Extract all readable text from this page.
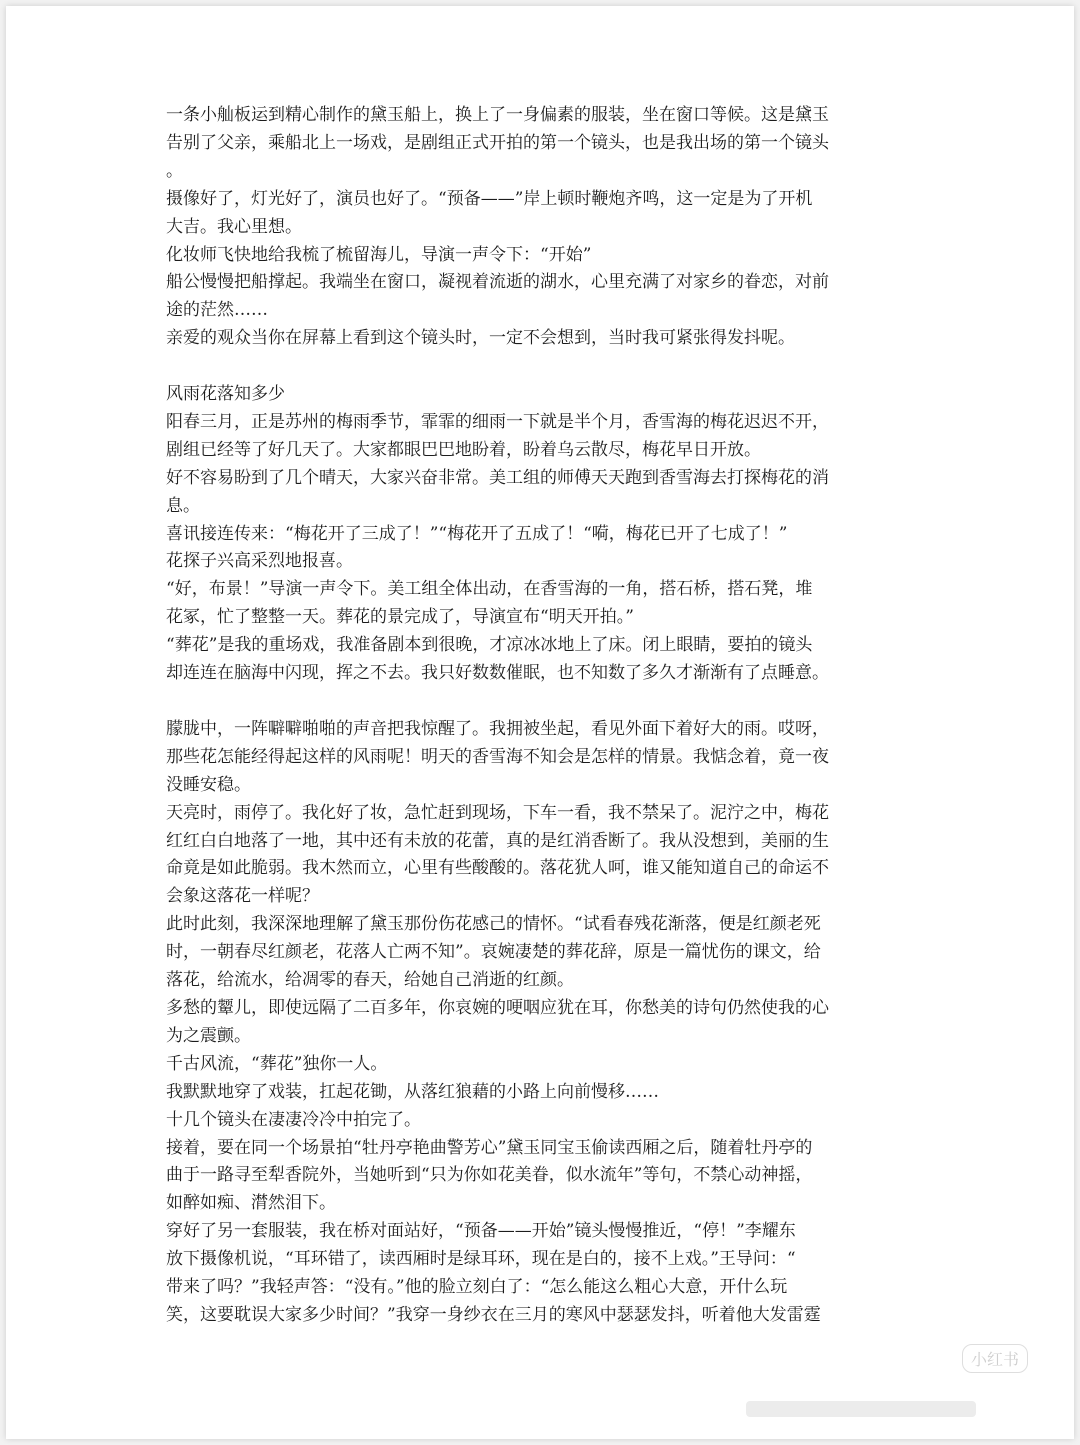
一条小舢板运到精心制作的黛玉船上，换上了一身偏素的服装，坐在窗口等候。这是黛玉

告别了父亲，乘船北上一场戏，是剧组正式开拍的第一个镜头，也是我出场的第一个镜头

。

摄像好了，灯光好了，演员也好了。“预备——”岸上顿时鞭炮齐鸣，这一定是为了开机

大吉。我心里想。

化妆师飞快地给我梳了梳留海儿，导演一声令下：“开始”

船公慢慢把船撑起。我端坐在窗口，凝视着流逝的湖水，心里充满了对家乡的眷恋，对前

途的茫然……

亲爱的观众当你在屏幕上看到这个镜头时，一定不会想到，当时我可紧张得发抖呢。

风雨花落知多少

阳春三月，正是苏州的梅雨季节，霏霏的细雨一下就是半个月，香雪海的梅花迟迟不开，

剧组已经等了好几天了。大家都眼巴巴地盼着，盼着乌云散尽，梅花早日开放。

好不容易盼到了几个晴天，大家兴奋非常。美工组的师傅天天跑到香雪海去打探梅花的消

息。

喜讯接连传来：“梅花开了三成了！”“梅花开了五成了！“嗬，梅花已开了七成了！”

花探子兴高采烈地报喜。

“好，布景！”导演一声令下。美工组全体出动，在香雪海的一角，搭石桥，搭石凳，堆

花冢，忙了整整一天。葬花的景完成了，导演宣布“明天开拍。”

“葬花”是我的重场戏，我准备剧本到很晚，才凉冰冰地上了床。闭上眼睛，要拍的镜头

却连连在脑海中闪现，挥之不去。我只好数数催眠，也不知数了多久才渐渐有了点睡意。

朦胧中，一阵噼噼啪啪的声音把我惊醒了。我拥被坐起，看见外面下着好大的雨。哎呀，

那些花怎能经得起这样的风雨呢！明天的香雪海不知会是怎样的情景。我惦念着，竟一夜

没睡安稳。

天亮时，雨停了。我化好了妆，急忙赶到现场，下车一看，我不禁呆了。泥泞之中，梅花

红红白白地落了一地，其中还有未放的花蕾，真的是红消香断了。我从没想到，美丽的生

命竟是如此脆弱。我木然而立，心里有些酸酸的。落花犹人呵，谁又能知道自己的命运不

会象这落花一样呢？

此时此刻，我深深地理解了黛玉那份伤花感己的情怀。“试看春残花渐落，便是红颜老死

时，一朝春尽红颜老，花落人亡两不知”。哀婉凄楚的葬花辞，原是一篇忧伤的课文，给

落花，给流水，给凋零的春天，给她自己消逝的红颜。

多愁的颦儿，即使远隔了二百多年，你哀婉的哽咽应犹在耳，你愁美的诗句仍然使我的心

为之震颤。

千古风流，“葬花”独你一人。

我默默地穿了戏装，扛起花锄，从落红狼藉的小路上向前慢移……

十几个镜头在凄凄冷冷中拍完了。

接着，要在同一个场景拍“牡丹亭艳曲警芳心”黛玉同宝玉偷读西厢之后，随着牡丹亭的

曲于一路寻至犁香院外，当她听到“只为你如花美眷，似水流年”等句，不禁心动神摇，

如醉如痴、潸然泪下。

穿好了另一套服装，我在桥对面站好，“预备——开始”镜头慢慢推近，“停！”李耀东

放下摄像机说，“耳环错了，读西厢时是绿耳环，现在是白的，接不上戏。”王导问：“

带来了吗？”我轻声答：“没有。”他的脸立刻白了：“怎么能这么粗心大意，开什么玩

笑，这要耽误大家多少时间？”我穿一身纱衣在三月的寒风中瑟瑟发抖，听着他大发雷霆

小红书
